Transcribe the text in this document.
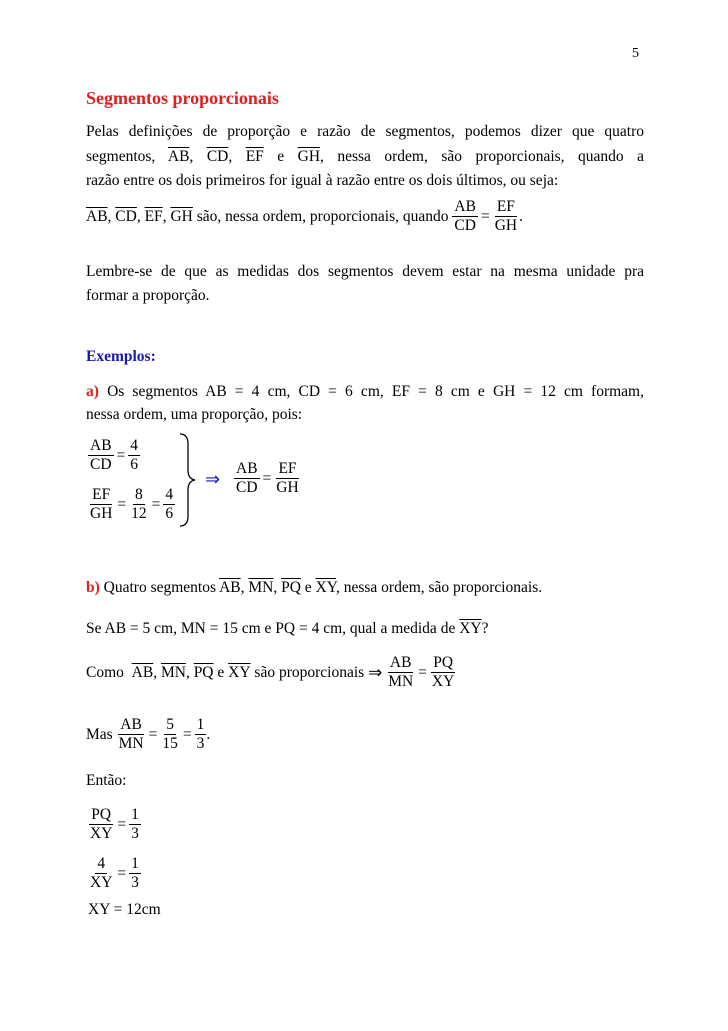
5
Segmentos proporcionais
Pelas definições de proporção e razão de segmentos, podemos dizer que quatro
segmentos, $\overline{AB}$, $\overline{CD}$, $\overline{EF}$ e $\overline{GH}$, nessa ordem, são proporcionais, quando a
razão entre os dois primeiros for igual à razão entre os dois últimos, ou seja:
$\overline{AB}$ , $\overline{CD}$ , $\overline{EF}$ , $\overline{GH}$
são, nessa ordem, proporcionais, quando
$\frac{AB}{CD} = \frac{EF}{GH}$ .
Lembre-se de que as medidas dos segmentos devem estar na mesma unidade pra
formar a proporção.
Exemplos:
a) Os segmentos AB = 4 cm, CD = 6 cm, EF = 8 cm e GH = 12 cm formam,
nessa ordem, uma proporção, pois:
$\frac{AB}{CD} = \frac{4}{6}$
$\frac{EF}{GH} = \frac{8}{12} = \frac{4}{6}$
⇒ $\frac{AB}{CD} = \frac{EF}{GH}$
b) Quatro segmentos $\overline{AB}$, $\overline{MN}$, $\overline{PQ}$ e $\overline{XY}$, nessa ordem, são proporcionais.
Se AB = 5 cm, MN = 15 cm e PQ = 4 cm, qual a medida de $\overline{XY}$?
Como
$\overline{AB}$ , $\overline{MN}$ , $\overline{PQ}$
e
$\overline{XY}$
são proporcionais
⇒
$\frac{AB}{MN} = \frac{PQ}{XY}$
Mas
$\frac{AB}{MN} = \frac{5}{15} = \frac{1}{3}$ .
Então:
$\frac{PQ}{XY} = \frac{1}{3}$
$\frac{4}{XY} = \frac{1}{3}$
XY = 12cm
